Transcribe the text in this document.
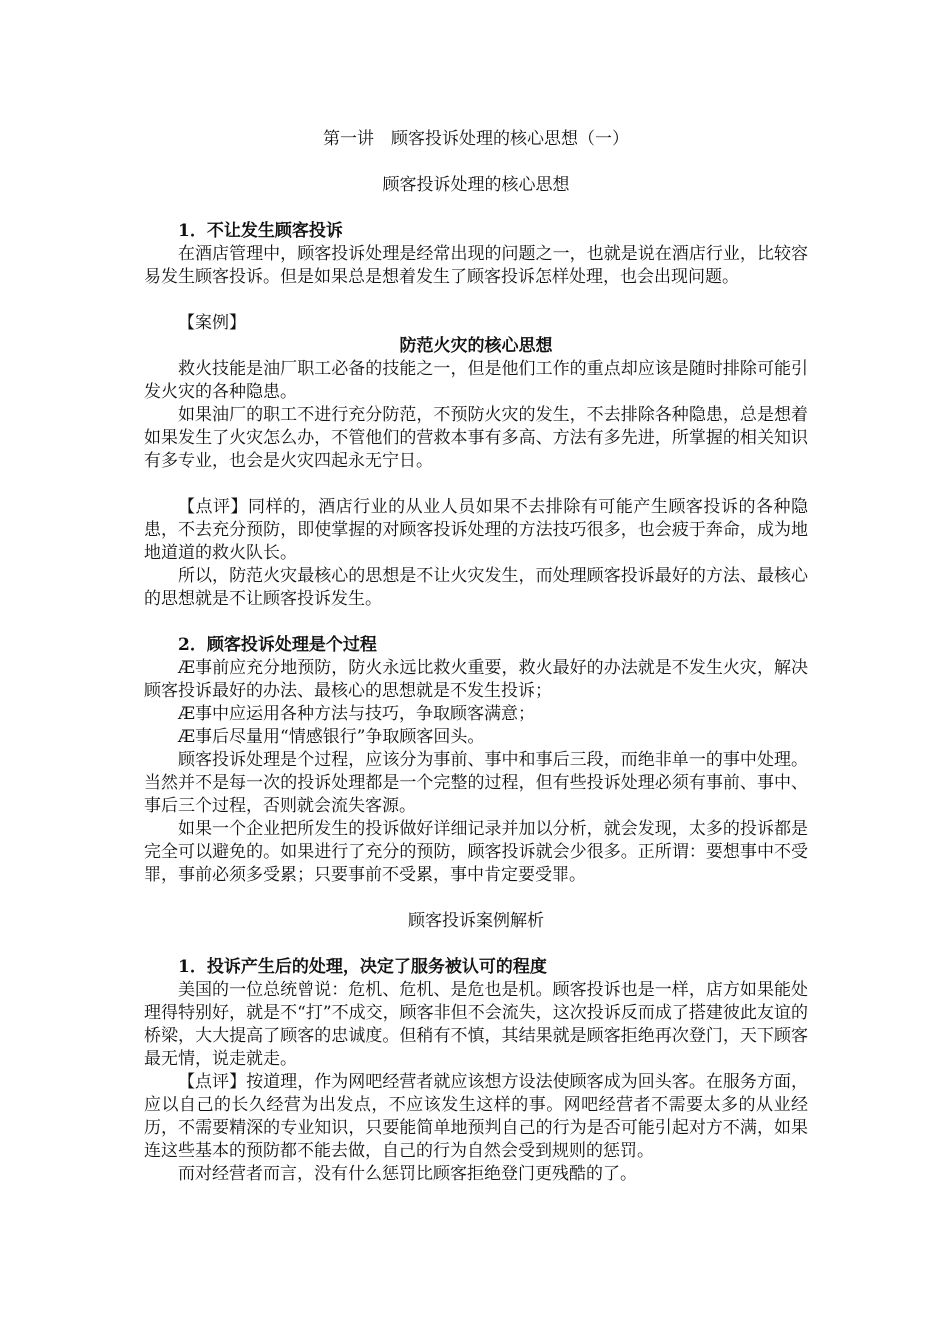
第一讲　顾客投诉处理的核心思想（一）
顾客投诉处理的核心思想
1．不让发生顾客投诉

在酒店管理中，顾客投诉处理是经常出现的问题之一，也就是说在酒店行业，比较容易发生顾客投诉。但是如果总是想着发生了顾客投诉怎样处理，也会出现问题。

【案例】
防范火灾的核心思想

救火技能是油厂职工必备的技能之一，但是他们工作的重点却应该是随时排除可能引发火灾的各种隐患。

如果油厂的职工不进行充分防范，不预防火灾的发生，不去排除各种隐患，总是想着如果发生了火灾怎么办，不管他们的营救本事有多高、方法有多先进，所掌握的相关知识有多专业，也会是火灾四起永无宁日。

【点评】同样的，酒店行业的从业人员如果不去排除有可能产生顾客投诉的各种隐患，不去充分预防，即使掌握的对顾客投诉处理的方法技巧很多，也会疲于奔命，成为地地道道的救火队长。

所以，防范火灾最核心的思想是不让火灾发生，而处理顾客投诉最好的方法、最核心的思想就是不让顾客投诉发生。

2．顾客投诉处理是个过程

Æ事前应充分地预防，防火永远比救火重要，救火最好的办法就是不发生火灾，解决顾客投诉最好的办法、最核心的思想就是不发生投诉；

Æ事中应运用各种方法与技巧，争取顾客满意；

Æ事后尽量用“情感银行”争取顾客回头。

顾客投诉处理是个过程，应该分为事前、事中和事后三段，而绝非单一的事中处理。当然并不是每一次的投诉处理都是一个完整的过程，但有些投诉处理必须有事前、事中、事后三个过程，否则就会流失客源。

如果一个企业把所发生的投诉做好详细记录并加以分析，就会发现，太多的投诉都是完全可以避免的。如果进行了充分的预防，顾客投诉就会少很多。正所谓：要想事中不受罪，事前必须多受累；只要事前不受累，事中肯定要受罪。

顾客投诉案例解析
1．投诉产生后的处理，决定了服务被认可的程度

美国的一位总统曾说：危机、危机、是危也是机。顾客投诉也是一样，店方如果能处理得特别好，就是不“打”不成交，顾客非但不会流失，这次投诉反而成了搭建彼此友谊的桥梁，大大提高了顾客的忠诚度。但稍有不慎，其结果就是顾客拒绝再次登门，天下顾客最无情，说走就走。

【点评】按道理，作为网吧经营者就应该想方设法使顾客成为回头客。在服务方面，应以自己的长久经营为出发点，不应该发生这样的事。网吧经营者不需要太多的从业经历，不需要精深的专业知识，只要能简单地预判自己的行为是否可能引起对方不满，如果连这些基本的预防都不能去做，自己的行为自然会受到规则的惩罚。

而对经营者而言，没有什么惩罚比顾客拒绝登门更残酷的了。
